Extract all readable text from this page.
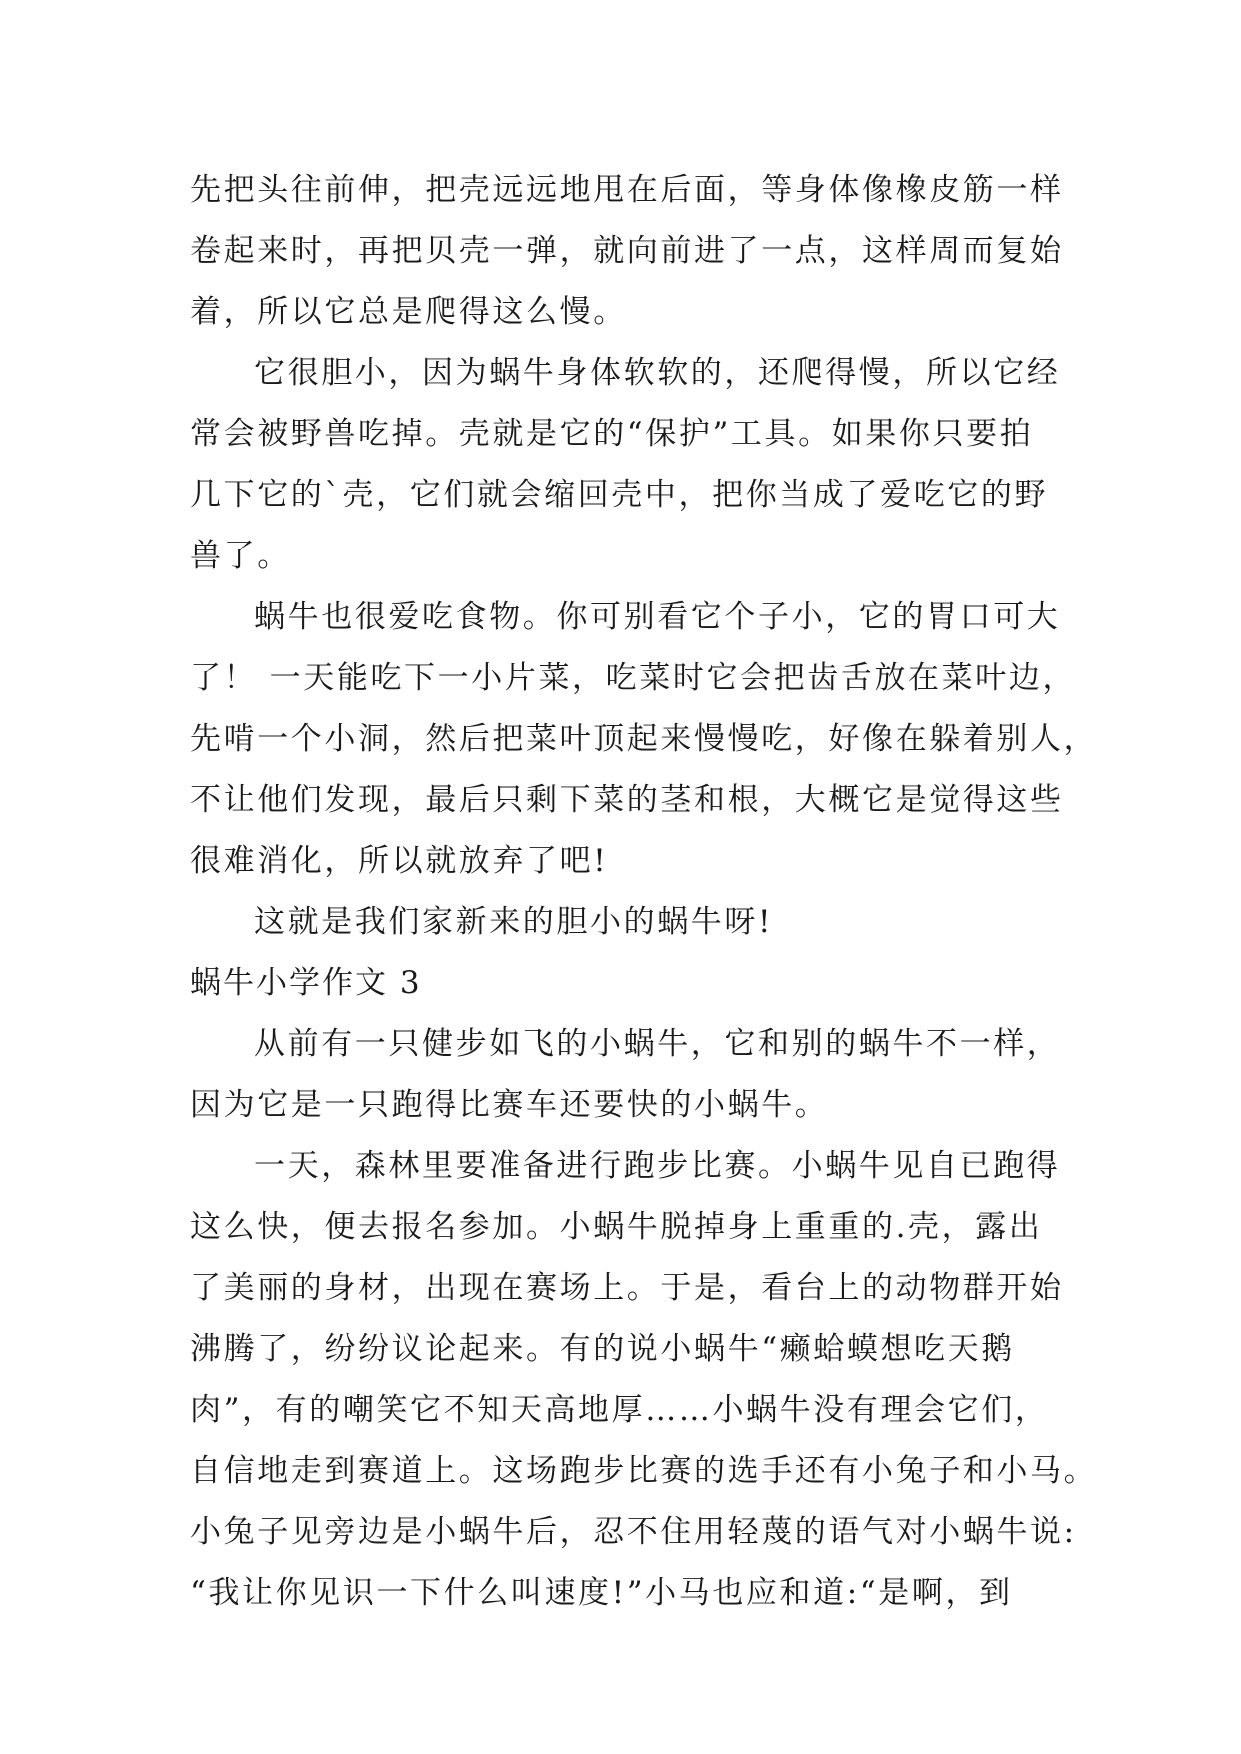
先把头往前伸，把壳远远地甩在后面，等身体像橡皮筋一样
卷起来时，再把贝壳一弹，就向前进了一点，这样周而复始
着，所以它总是爬得这么慢。
它很胆小，因为蜗牛身体软软的，还爬得慢，所以它经
常会被野兽吃掉。壳就是它的“保护”工具。如果你只要拍
几下它的`壳，它们就会缩回壳中，把你当成了爱吃它的野
兽了。
蜗牛也很爱吃食物。你可别看它个子小，它的胃口可大
了！ 一天能吃下一小片菜，吃菜时它会把齿舌放在菜叶边，
先啃一个小洞，然后把菜叶顶起来慢慢吃，好像在躲着别人，
不让他们发现，最后只剩下菜的茎和根，大概它是觉得这些
很难消化，所以就放弃了吧!
这就是我们家新来的胆小的蜗牛呀!
蜗牛小学作文 3
从前有一只健步如飞的小蜗牛，它和别的蜗牛不一样，
因为它是一只跑得比赛车还要快的小蜗牛。
一天，森林里要准备进行跑步比赛。小蜗牛见自已跑得
这么快，便去报名参加。小蜗牛脱掉身上重重的.壳，露出
了美丽的身材，出现在赛场上。于是，看台上的动物群开始
沸腾了，纷纷议论起来。有的说小蜗牛“癞蛤蟆想吃天鹅
肉”，有的嘲笑它不知天高地厚……小蜗牛没有理会它们，
自信地走到赛道上。这场跑步比赛的选手还有小兔子和小马。
小兔子见旁边是小蜗牛后，忍不住用轻蔑的语气对小蜗牛说:
“我让你见识一下什么叫速度!”小马也应和道:“是啊，到
